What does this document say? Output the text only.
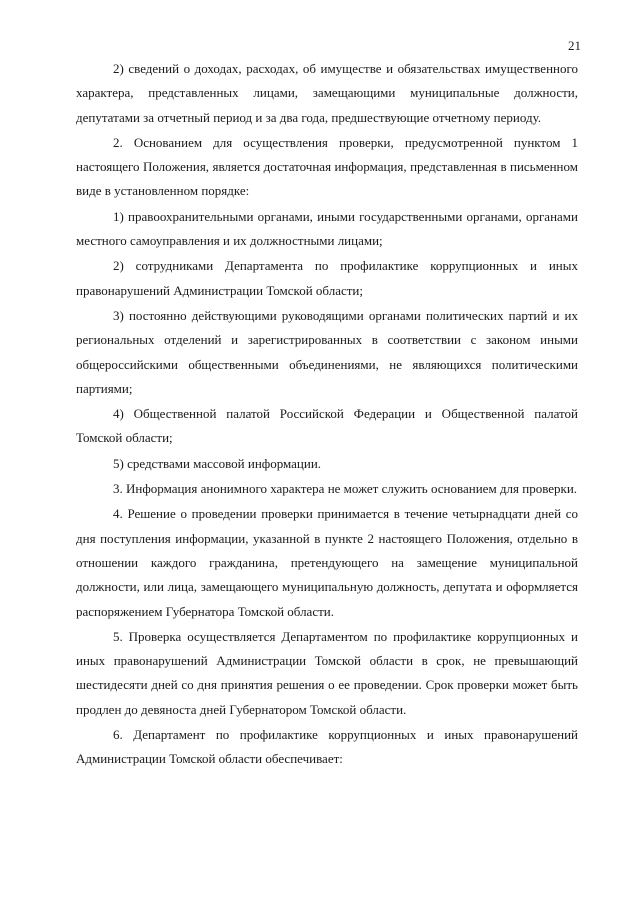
21

2) сведений о доходах, расходах, об имуществе и обязательствах имущественного характера, представленных лицами, замещающими муниципальные должности, депутатами за отчетный период и за два года, предшествующие отчетному периоду.

2. Основанием для осуществления проверки, предусмотренной пунктом 1 настоящего Положения, является достаточная информация, представленная в письменном виде в установленном порядке:

1) правоохранительными органами, иными государственными органами, органами местного самоуправления и их должностными лицами;

2) сотрудниками Департамента по профилактике коррупционных и иных правонарушений Администрации Томской области;

3) постоянно действующими руководящими органами политических партий и их региональных отделений и зарегистрированных в соответствии с законом иными общероссийскими общественными объединениями, не являющихся политическими партиями;

4) Общественной палатой Российской Федерации и Общественной палатой Томской области;

5) средствами массовой информации.

3. Информация анонимного характера не может служить основанием для проверки.

4. Решение о проведении проверки принимается в течение четырнадцати дней со дня поступления информации, указанной в пункте 2 настоящего Положения, отдельно в отношении каждого гражданина, претендующего на замещение муниципальной должности, или лица, замещающего муниципальную должность, депутата и оформляется распоряжением Губернатора Томской области.

5. Проверка осуществляется Департаментом по профилактике коррупционных и иных правонарушений Администрации Томской области в срок, не превышающий шестидесяти дней со дня принятия решения о ее проведении. Срок проверки может быть продлен до девяноста дней Губернатором Томской области.

6. Департамент по профилактике коррупционных и иных правонарушений Администрации Томской области обеспечивает:
